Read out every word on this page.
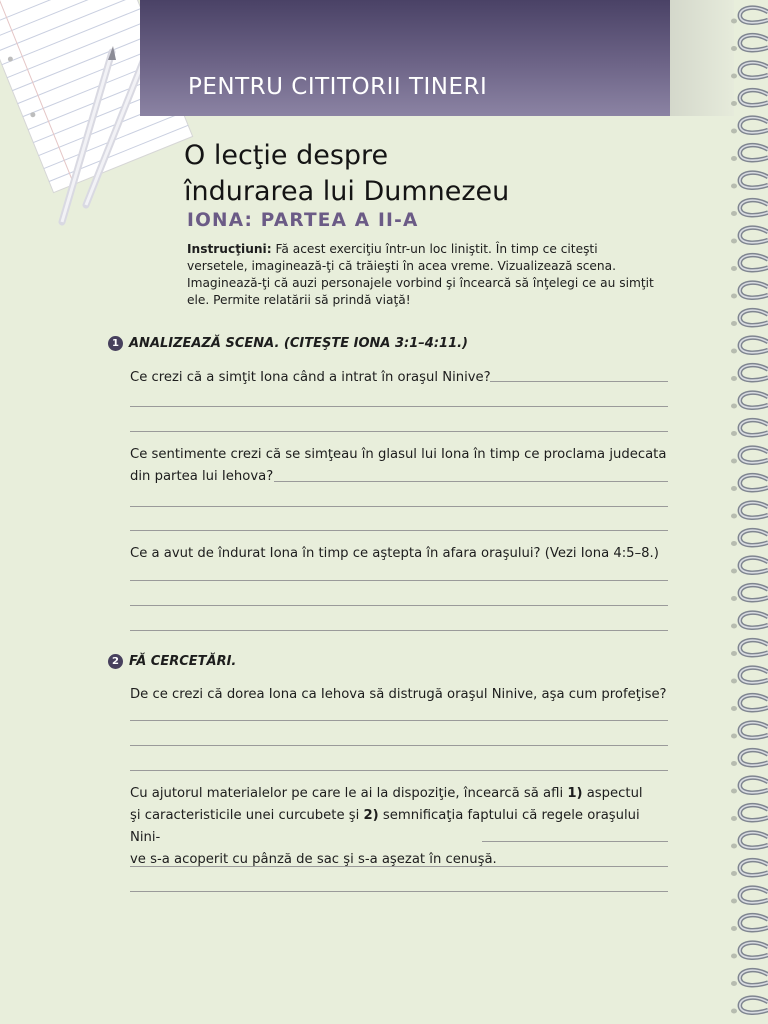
PENTRU CITITORII TINERI
O lecţie despre
îndurarea lui Dumnezeu
IONA: PARTEA A II-A
Instrucţiuni: Fă acest exerciţiu într-un loc liniştit. În timp ce citeşti versetele, imaginează-ţi că trăieşti în acea vreme. Vizualizează scena. Imaginează-ţi că auzi personajele vorbind şi încearcă să înţelegi ce au simţit ele. Permite relatării să prindă viaţă!
1 ANALIZEAZĂ SCENA. (CITEŞTE IONA 3:1–4:11.)
Ce crezi că a simţit Iona când a intrat în oraşul Ninive?
Ce sentimente crezi că se simţeau în glasul lui Iona în timp ce proclama judecata
din partea lui Iehova?
Ce a avut de îndurat Iona în timp ce aştepta în afara oraşului? (Vezi Iona 4:5–8.)
2 FĂ CERCETĂRI.
De ce crezi că dorea Iona ca Iehova să distrugă oraşul Ninive, aşa cum profeţise?
Cu ajutorul materialelor pe care le ai la dispoziţie, încearcă să afli 1) aspectul
şi caracteristicile unei curcubete şi 2) semnificaţia faptului că regele oraşului Nini-
ve s-a acoperit cu pânză de sac şi s-a aşezat în cenuşă.
